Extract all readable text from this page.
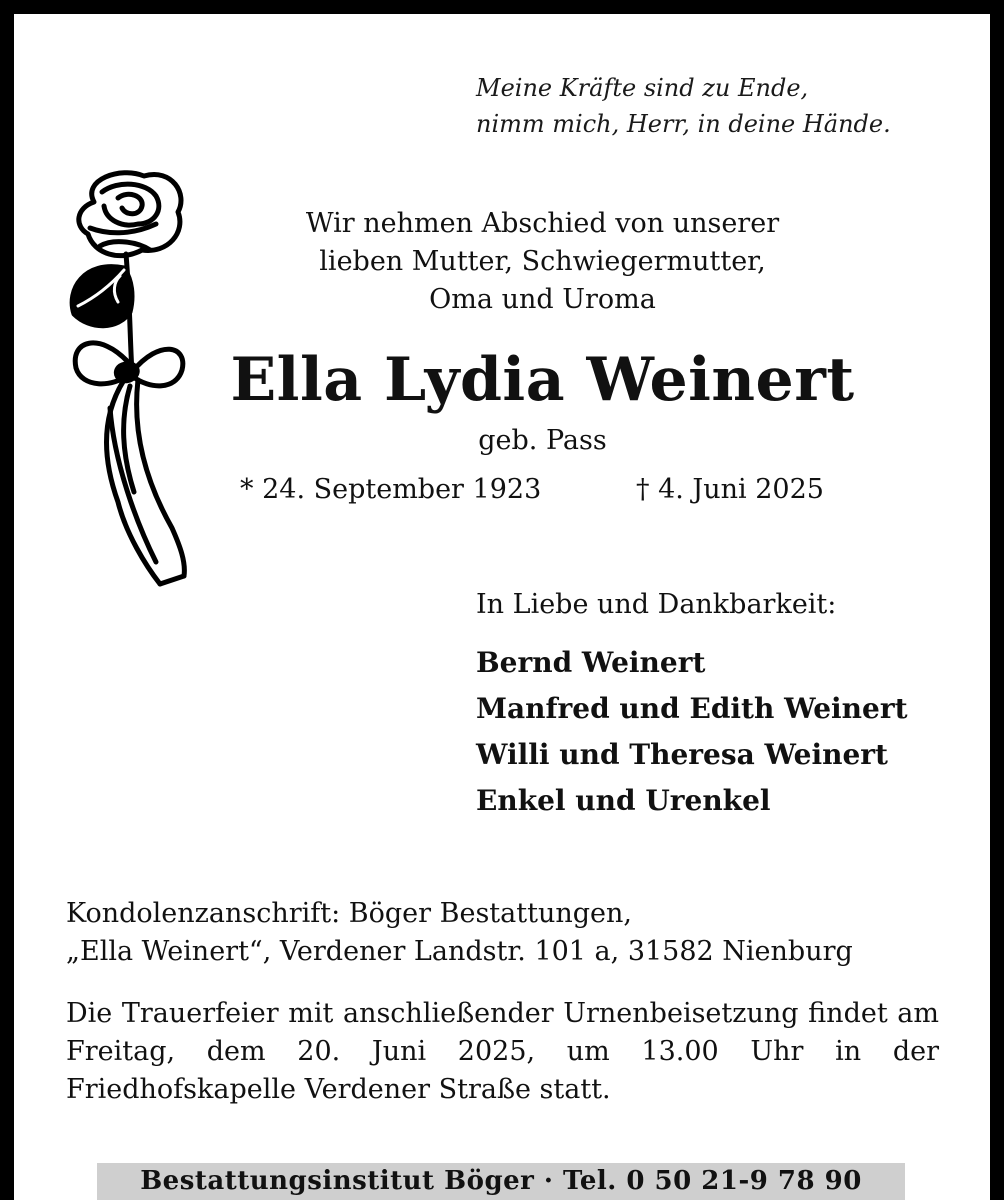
Meine Kräfte sind zu Ende,
nimm mich, Herr, in deine Hände.
Wir nehmen Abschied von unserer
lieben Mutter, Schwiegermutter,
Oma und Uroma
Ella Lydia Weinert
geb. Pass
* 24. September 1923	† 4. Juni 2025
In Liebe und Dankbarkeit:
Bernd Weinert
Manfred und Edith Weinert
Willi und Theresa Weinert
Enkel und Urenkel
Kondolenzanschrift: Böger Bestattungen,
„Ella Weinert“, Verdener Landstr. 101 a, 31582 Nienburg
Die Trauerfeier mit anschließender Urnenbeisetzung findet am Freitag, dem 20. Juni 2025, um 13.00 Uhr in der Friedhofskapelle Verdener Straße statt.
Bestattungsinstitut Böger · Tel. 0 50 21-9 78 90
